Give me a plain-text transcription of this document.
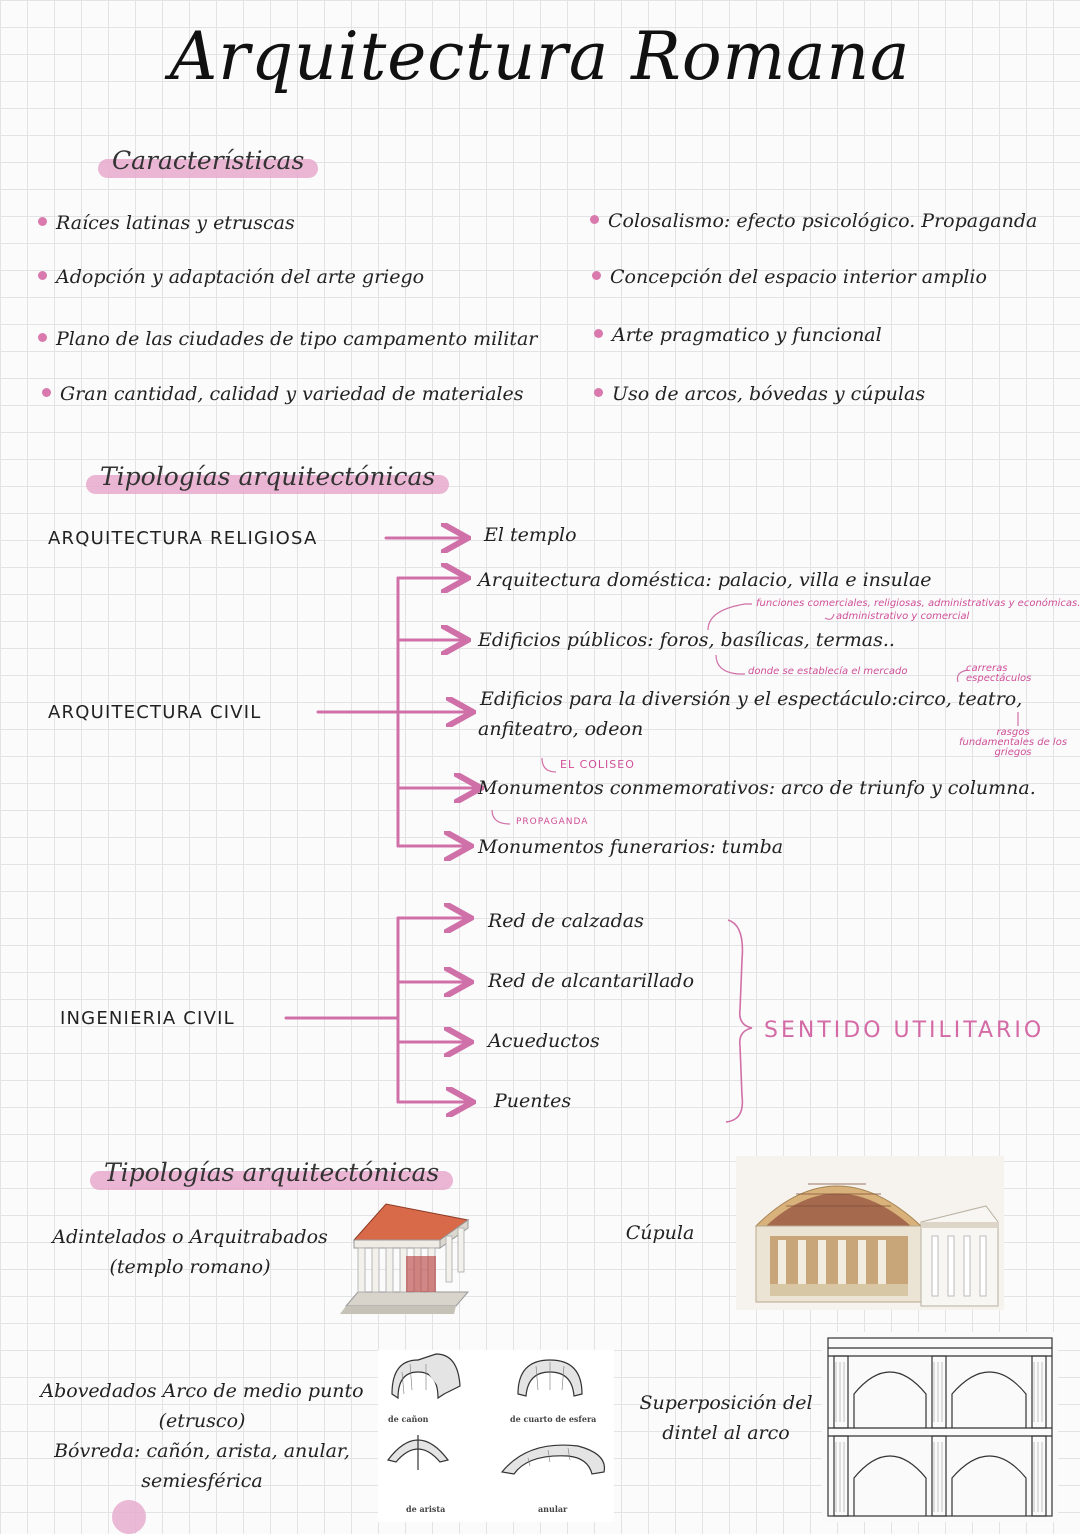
Arquitectura Romana
Características
Raíces latinas y etruscas
Adopción y adaptación del arte griego
Plano de las ciudades de tipo campamento militar
Gran cantidad, calidad y variedad de materiales
Colosalismo: efecto psicológico. Propaganda
Concepción del espacio interior amplio
Arte pragmatico y funcional
Uso de arcos, bóvedas y cúpulas
Tipologías arquitectónicas
ARQUITECTURA RELIGIOSA	El templo
ARQUITECTURA CIVIL
Arquitectura doméstica: palacio, villa e insulae
Edificios públicos: foros, basílicas, termas..
Edificios para la diversión y el espectáculo:circo, teatro,
anfiteatro, odeon
Monumentos conmemorativos: arco de triunfo y columna.
Monumentos funerarios: tumba
funciones comerciales, religiosas, administrativas y económicas.
administrativo y comercial
donde se establecía el mercado	carreras espectáculos
rasgos fundamentales de los griegos
EL COLISEO
PROPAGANDA
INGENIERIA CIVIL
Red de calzadas
Red de alcantarillado
Acueductos
Puentes
SENTIDO UTILITARIO
Tipologías arquitectónicas
Adintelados o Arquitrabados
(templo romano)
Cúpula
Abovedados Arco de medio punto
(etrusco)
Bóvreda: cañón, arista, anular,
semiesférica
de cañon	de cuarto de esfera
de arista	anular
Superposición del
dintel al arco
